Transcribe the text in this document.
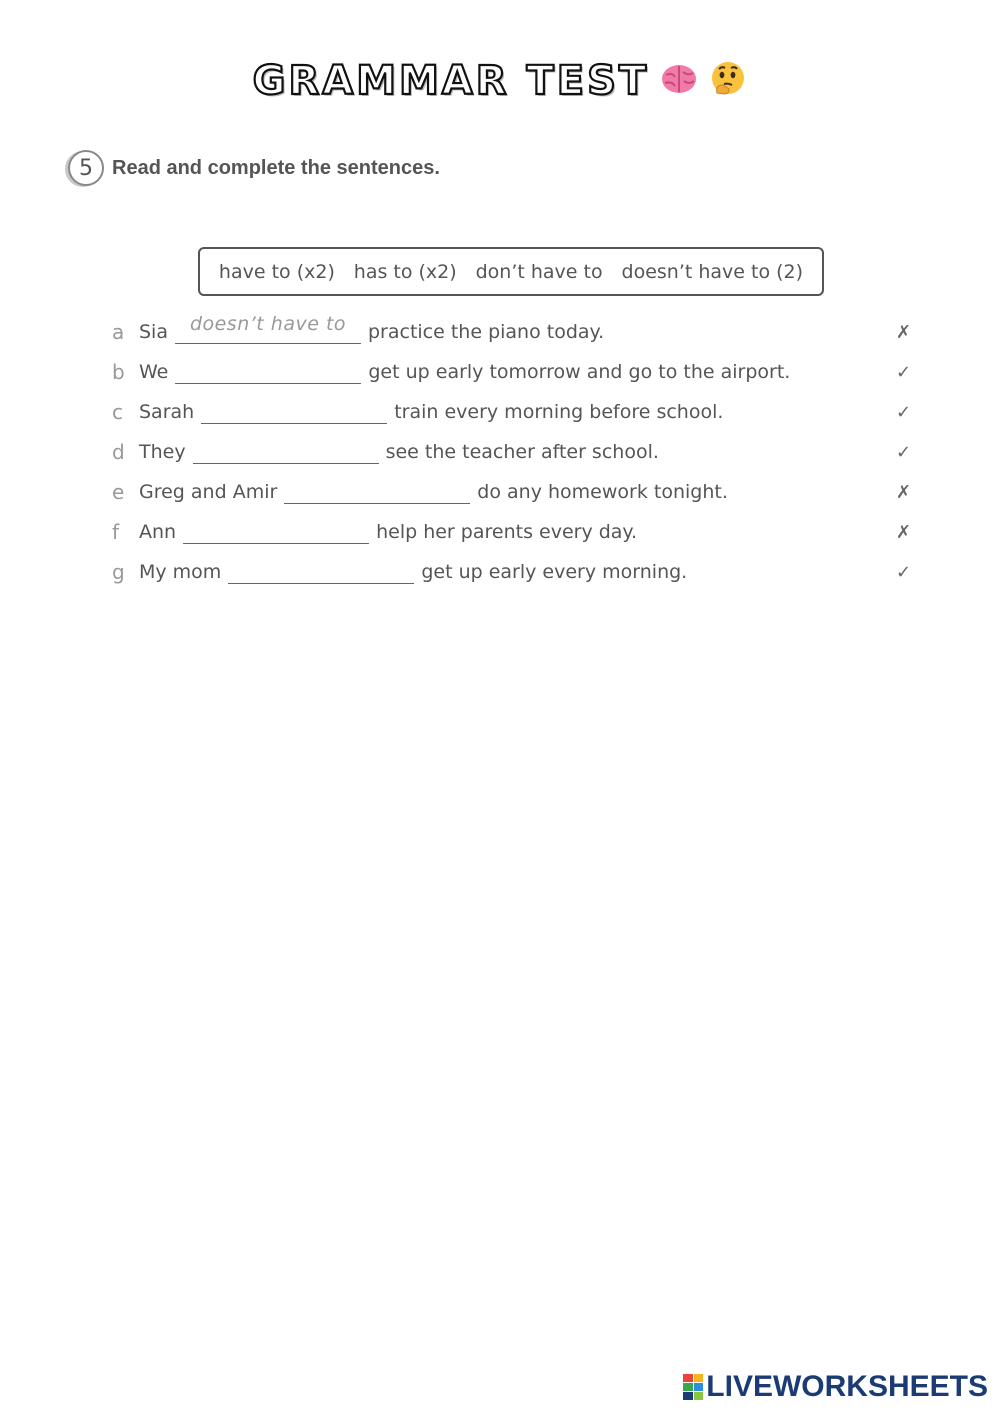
GRAMMAR TEST
5 Read and complete the sentences.
have to (x2) has to (x2) don’t have to doesn’t have to (2)
a Sia	doesn’t have to	practice the piano today.	✗
b We	get up early tomorrow and go to the airport.	✓
c Sarah	train every morning before school.	✓
d They	see the teacher after school.	✓
e Greg and Amir	do any homework tonight.	✗
f	Ann	help her parents every day.	✗
g My mom	get up early every morning.	✓
LIVEWORKSHEETS
